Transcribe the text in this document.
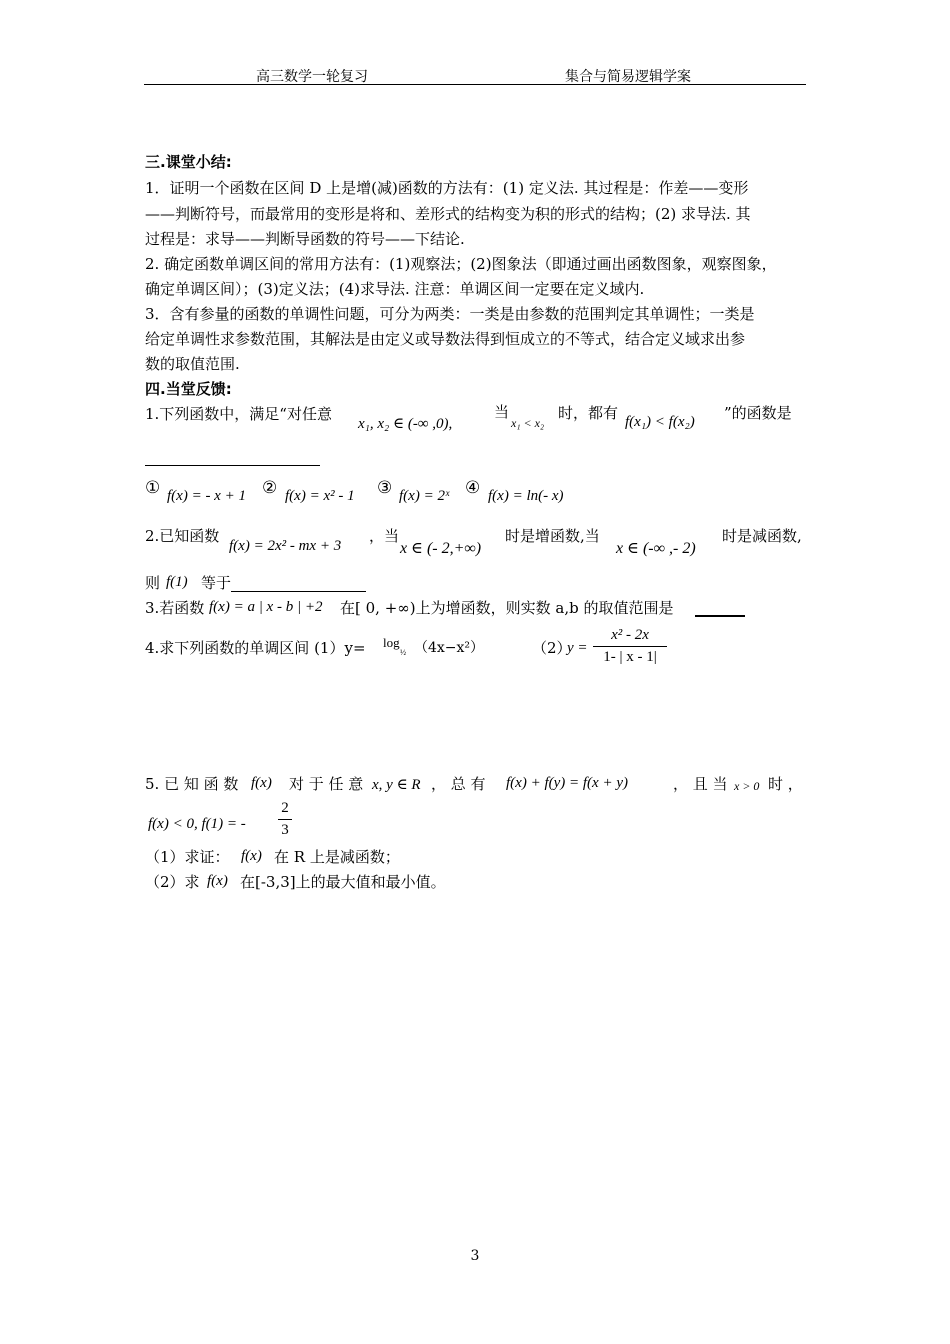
高三数学一轮复习	集合与简易逻辑学案
三.课堂小结:
1．证明一个函数在区间 D 上是增(减)函数的方法有：(1) 定义法. 其过程是：作差——变形
——判断符号，而最常用的变形是将和、差形式的结构变为积的形式的结构；(2) 求导法. 其
过程是：求导——判断导函数的符号——下结论.
2. 确定函数单调区间的常用方法有：(1)观察法；(2)图象法（即通过画出函数图象，观察图象，
确定单调区间）；(3)定义法；(4)求导法. 注意：单调区间一定要在定义域内.
3．含有参量的函数的单调性问题，可分为两类：一类是由参数的范围判定其单调性；一类是
给定单调性求参数范围，其解法是由定义或导数法得到恒成立的不等式，结合定义域求出参
数的取值范围.
四.当堂反馈:
1.下列函数中，满足“对任意
x₁, x₂ ∈ (-∞ ,0),
当
x₁ < x₂
时，都有 f(x₁) < f(x₂) ”的函数是
① f(x) = - x + 1 ② f(x) = x² - 1 ③ f(x) = 2ˣ ④ f(x) = ln(- x)
2.已知函数
f(x) = 2x² - mx + 3
，当
x ∈ (- 2,+∞)
时是增函数,当
x ∈ (-∞ ,- 2)
时是减函数,
则 f(1) 等于
3.若函数 f(x) = a | x - b | +2 在[ 0, +∞)上为增函数，则实数 a,b 的取值范围是
4.求下列函数的单调区间 (1）y= log
½ （4x−x²）	（2）
y =
x² - 2x
1- | x - 1|
5. 已 知 函 数 f(x) 对 于 任 意 x, y ∈ R ， 总 有 f(x) + f(y) = f(x + y)	， 且 当 x > 0 时 ，
f(x) < 0, f(1) = -
2
3
（1）求证： f(x) 在 R 上是减函数；
（2）求 f(x) 在[-3,3]上的最大值和最小值。
3
